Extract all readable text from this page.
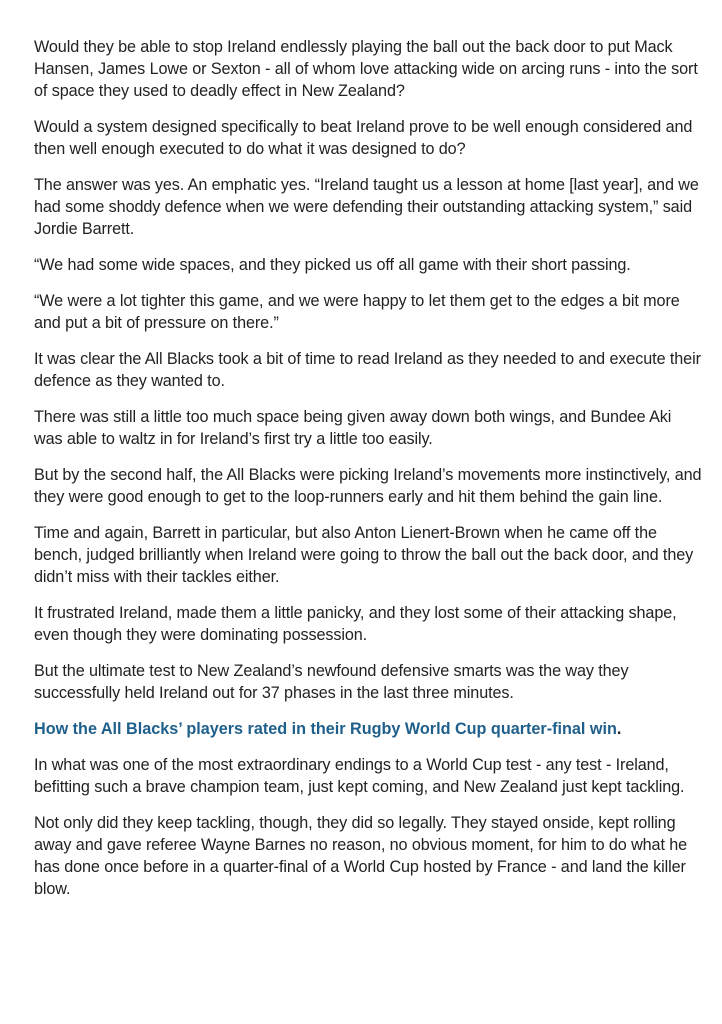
Would they be able to stop Ireland endlessly playing the ball out the back door to put Mack Hansen, James Lowe or Sexton - all of whom love attacking wide on arcing runs - into the sort of space they used to deadly effect in New Zealand?

Would a system designed specifically to beat Ireland prove to be well enough considered and then well enough executed to do what it was designed to do?

The answer was yes. An emphatic yes. “Ireland taught us a lesson at home [last year], and we had some shoddy defence when we were defending their outstanding attacking system,” said Jordie Barrett.

“We had some wide spaces, and they picked us off all game with their short passing.

“We were a lot tighter this game, and we were happy to let them get to the edges a bit more and put a bit of pressure on there.”

It was clear the All Blacks took a bit of time to read Ireland as they needed to and execute their defence as they wanted to.

There was still a little too much space being given away down both wings, and Bundee Aki was able to waltz in for Ireland’s first try a little too easily.

But by the second half, the All Blacks were picking Ireland’s movements more instinctively, and they were good enough to get to the loop-runners early and hit them behind the gain line.

Time and again, Barrett in particular, but also Anton Lienert-Brown when he came off the bench, judged brilliantly when Ireland were going to throw the ball out the back door, and they didn’t miss with their tackles either.

It frustrated Ireland, made them a little panicky, and they lost some of their attacking shape, even though they were dominating possession.

But the ultimate test to New Zealand’s newfound defensive smarts was the way they successfully held Ireland out for 37 phases in the last three minutes.

How the All Blacks’ players rated in their Rugby World Cup quarter-final win.

In what was one of the most extraordinary endings to a World Cup test - any test - Ireland, befitting such a brave champion team, just kept coming, and New Zealand just kept tackling.

Not only did they keep tackling, though, they did so legally. They stayed onside, kept rolling away and gave referee Wayne Barnes no reason, no obvious moment, for him to do what he has done once before in a quarter-final of a World Cup hosted by France - and land the killer blow.
